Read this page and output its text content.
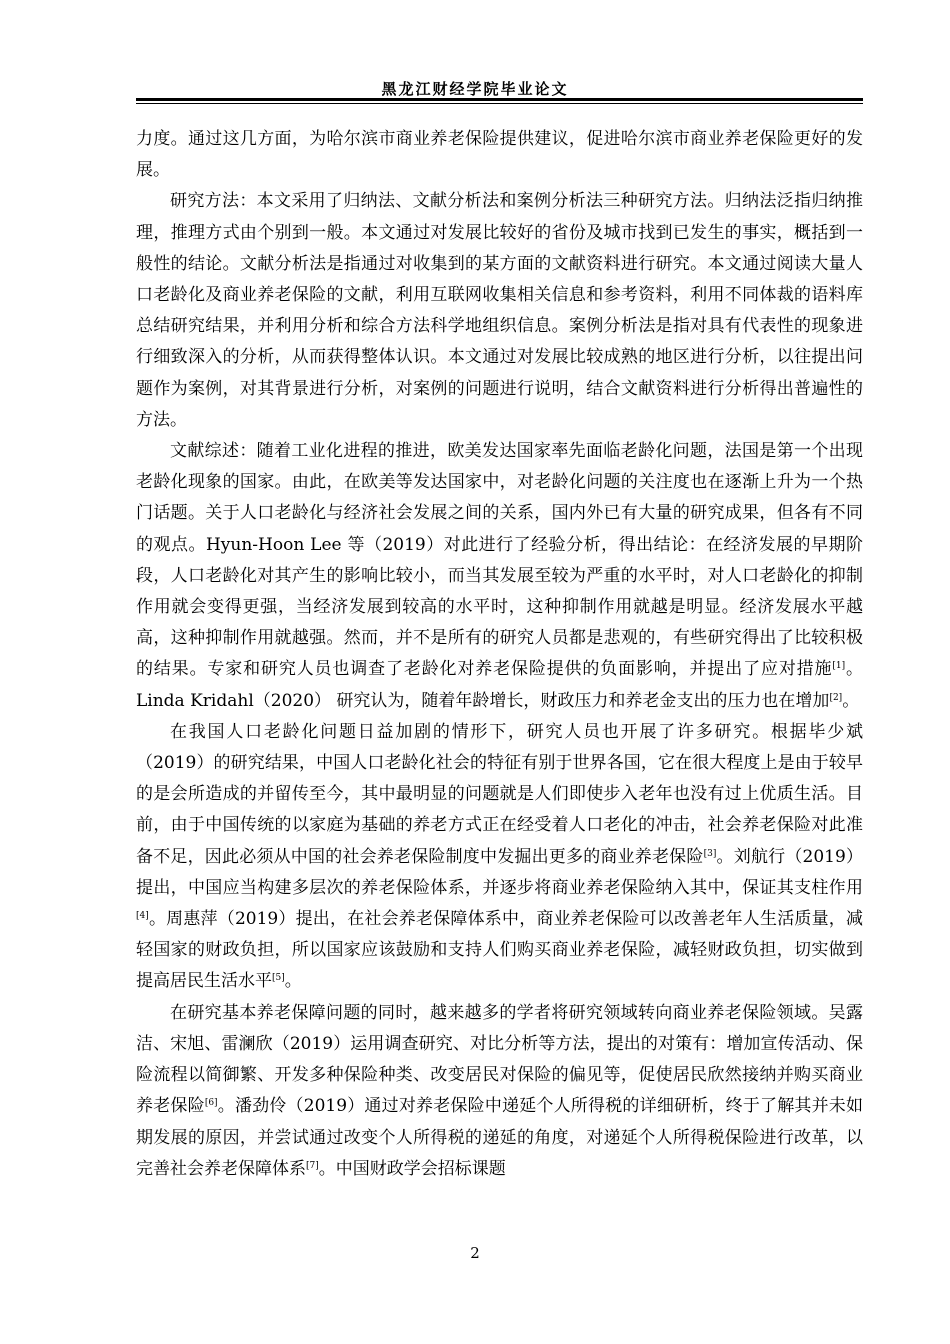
黑龙江财经学院毕业论文

力度。通过这几方面，为哈尔滨市商业养老保险提供建议，促进哈尔滨市商业养老保险更好的发展。

研究方法：本文采用了归纳法、文献分析法和案例分析法三种研究方法。归纳法泛指归纳推理，推理方式由个别到一般。本文通过对发展比较好的省份及城市找到已发生的事实，概括到一般性的结论。文献分析法是指通过对收集到的某方面的文献资料进行研究。本文通过阅读大量人口老龄化及商业养老保险的文献，利用互联网收集相关信息和参考资料，利用不同体裁的语料库总结研究结果，并利用分析和综合方法科学地组织信息。案例分析法是指对具有代表性的现象进行细致深入的分析，从而获得整体认识。本文通过对发展比较成熟的地区进行分析，以往提出问题作为案例，对其背景进行分析，对案例的问题进行说明，结合文献资料进行分析得出普遍性的方法。

文献综述：随着工业化进程的推进，欧美发达国家率先面临老龄化问题，法国是第一个出现老龄化现象的国家。由此，在欧美等发达国家中，对老龄化问题的关注度也在逐渐上升为一个热门话题。关于人口老龄化与经济社会发展之间的关系，国内外已有大量的研究成果，但各有不同的观点。Hyun-Hoon Lee 等（2019）对此进行了经验分析，得出结论：在经济发展的早期阶段，人口老龄化对其产生的影响比较小，而当其发展至较为严重的水平时，对人口老龄化的抑制作用就会变得更强，当经济发展到较高的水平时，这种抑制作用就越是明显。经济发展水平越高，这种抑制作用就越强。然而，并不是所有的研究人员都是悲观的，有些研究得出了比较积极的结果。专家和研究人员也调查了老龄化对养老保险提供的负面影响，并提出了应对措施[1]。Linda Kridahl（2020） 研究认为，随着年龄增长，财政压力和养老金支出的压力也在增加[2]。

在我国人口老龄化问题日益加剧的情形下，研究人员也开展了许多研究。根据毕少斌（2019）的研究结果，中国人口老龄化社会的特征有别于世界各国，它在很大程度上是由于较早的是会所造成的并留传至今，其中最明显的问题就是人们即使步入老年也没有过上优质生活。目前，由于中国传统的以家庭为基础的养老方式正在经受着人口老化的冲击，社会养老保险对此准备不足，因此必须从中国的社会养老保险制度中发掘出更多的商业养老保险[3]。刘航行（2019）提出，中国应当构建多层次的养老保险体系，并逐步将商业养老保险纳入其中，保证其支柱作用[4]。周惠萍（2019）提出，在社会养老保障体系中，商业养老保险可以改善老年人生活质量，减轻国家的财政负担，所以国家应该鼓励和支持人们购买商业养老保险，减轻财政负担，切实做到提高居民生活水平[5]。

在研究基本养老保障问题的同时，越来越多的学者将研究领域转向商业养老保险领域。吴露洁、宋旭、雷澜欣（2019）运用调查研究、对比分析等方法，提出的对策有：增加宣传活动、保险流程以简御繁、开发多种保险种类、改变居民对保险的偏见等，促使居民欣然接纳并购买商业养老保险[6]。潘劲伶（2019）通过对养老保险中递延个人所得税的详细研析，终于了解其并未如期发展的原因，并尝试通过改变个人所得税的递延的角度，对递延个人所得税保险进行改革，以完善社会养老保障体系[7]。中国财政学会招标课题

2
